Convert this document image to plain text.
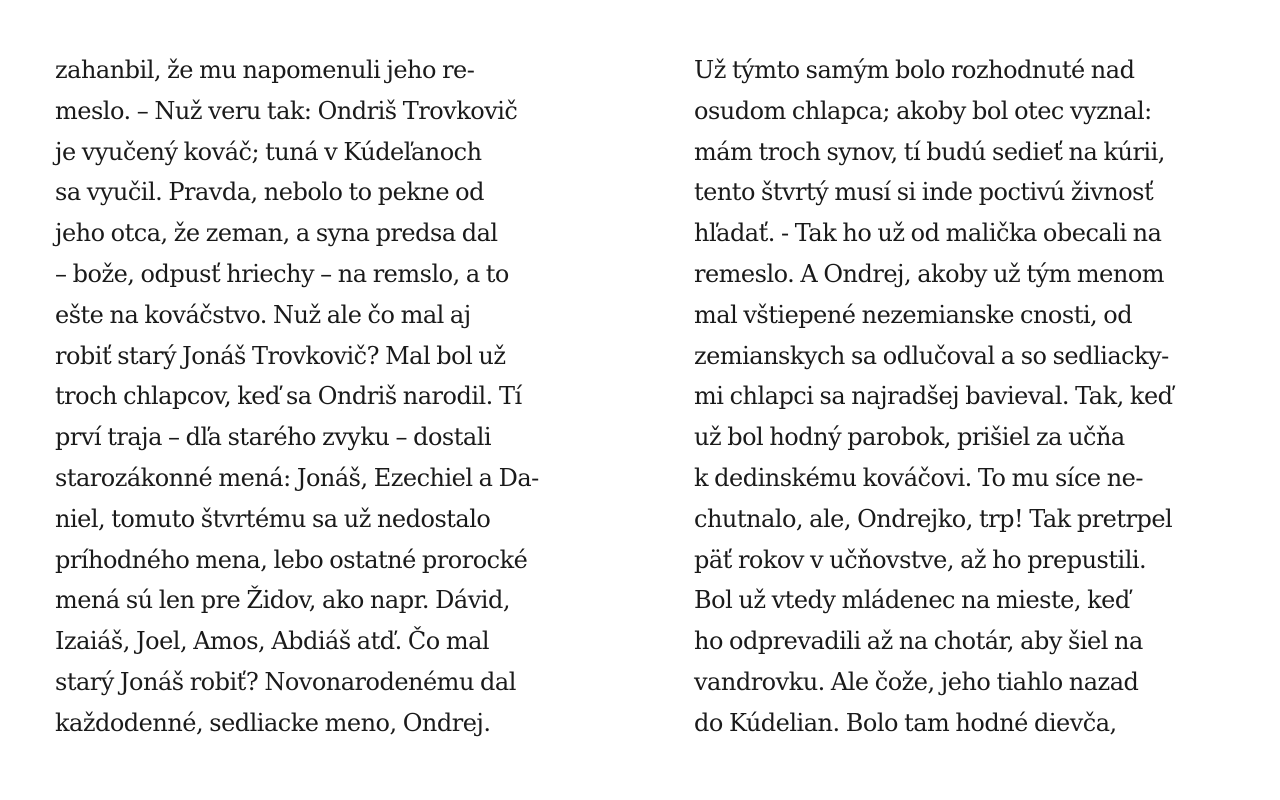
zahanbil, že mu napomenuli jeho re-
meslo. – Nuž veru tak: Ondriš Trovkovič
je vyučený kováč; tuná v Kúdeľanoch
sa vyučil. Pravda, nebolo to pekne od
jeho otca, že zeman, a syna predsa dal
– bože, odpusť hriechy – na remslo, a to
ešte na kováčstvo. Nuž ale čo mal aj
robiť starý Jonáš Trovkovič? Mal bol už
troch chlapcov, keď sa Ondriš narodil. Tí
prví traja – dľa starého zvyku – dostali
starozákonné mená: Jonáš, Ezechiel a Da-
niel, tomuto štvrtému sa už nedostalo
príhodného mena, lebo ostatné prorocké
mená sú len pre Židov, ako napr. Dávid,
Izaiáš, Joel, Amos, Abdiáš atď. Čo mal
starý Jonáš robiť? Novonarodenému dal
každodenné, sedliacke meno, Ondrej.
Už týmto samým bolo rozhodnuté nad
osudom chlapca; akoby bol otec vyznal:
mám troch synov, tí budú sedieť na kúrii,
tento štvrtý musí si inde poctivú živnosť
hľadať. - Tak ho už od malička obecali na
remeslo. A Ondrej, akoby už tým menom
mal vštiepené nezemianske cnosti, od
zemianskych sa odlučoval a so sedliacky-
mi chlapci sa najradšej bavieval. Tak, keď
už bol hodný parobok, prišiel za učňa
k dedinskému kováčovi. To mu síce ne-
chutnalo, ale, Ondrejko, trp! Tak pretrpel
päť rokov v učňovstve, až ho prepustili.
Bol už vtedy mládenec na mieste, keď
ho odprevadili až na chotár, aby šiel na
vandrovku. Ale čože, jeho tiahlo nazad
do Kúdelian. Bolo tam hodné dievča,
